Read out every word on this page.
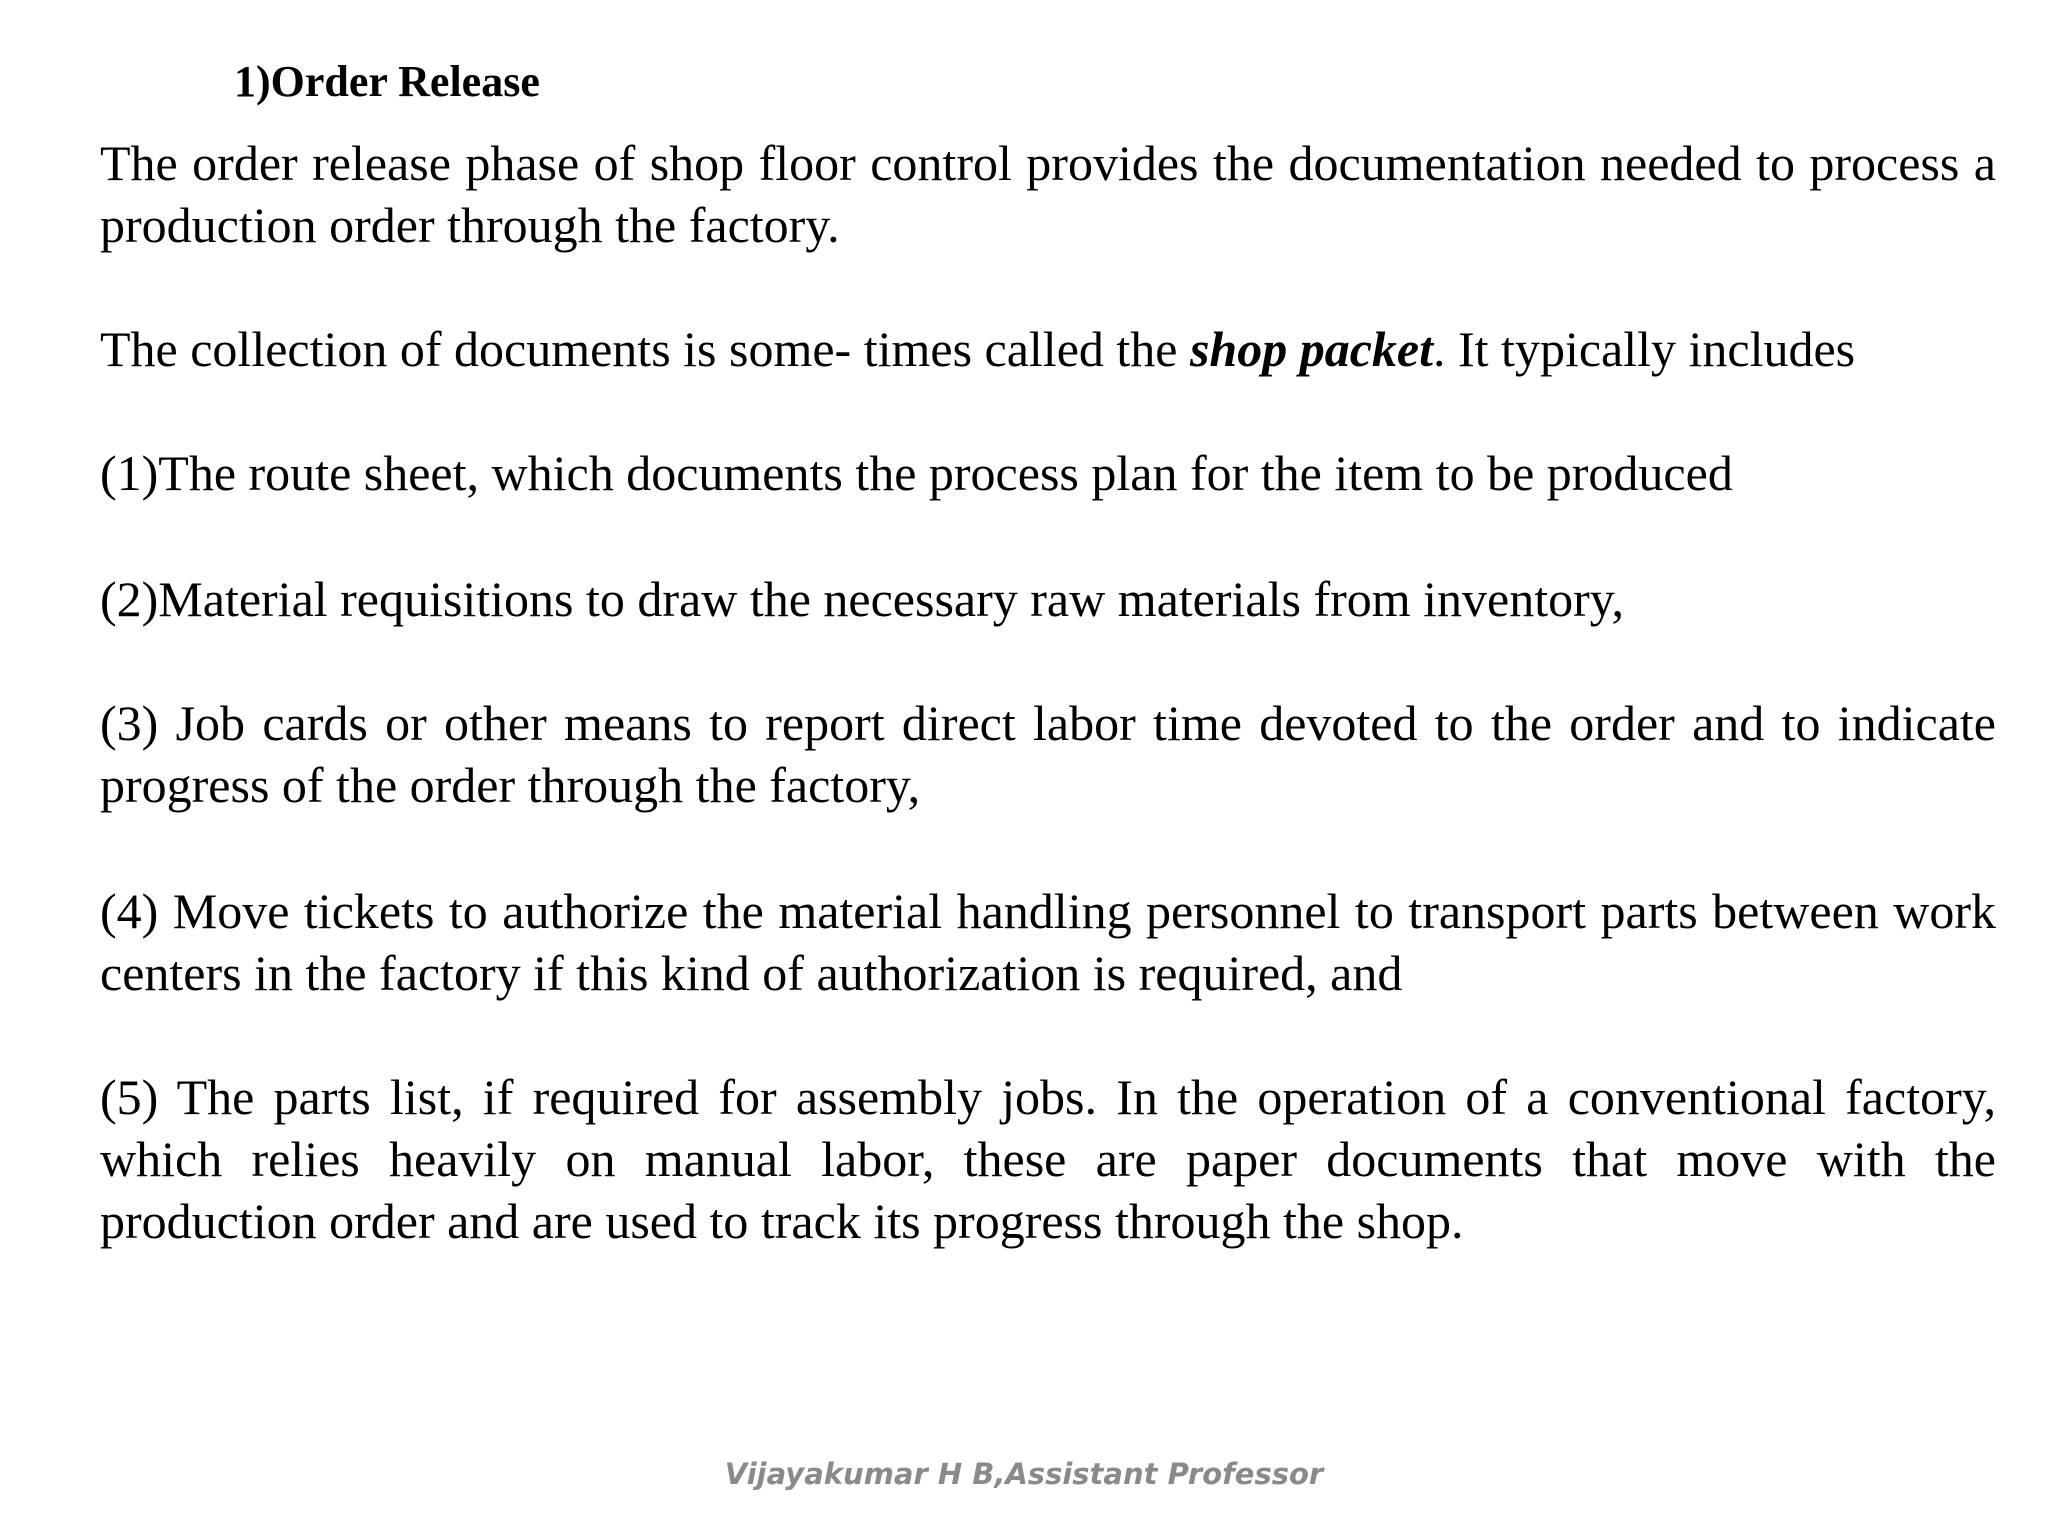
1)Order Release

The order release phase of shop floor control provides the documentation needed to process a production order through the factory.

The collection of documents is some- times called the shop packet. It typically includes

(1)The route sheet, which documents the process plan for the item to be produced

(2)Material requisitions to draw the necessary raw materials from inventory,

(3) Job cards or other means to report direct labor time devoted to the order and to indicate progress of the order through the factory,

(4) Move tickets to authorize the material handling personnel to transport parts between work centers in the factory if this kind of authorization is required, and

(5) The parts list, if required for assembly jobs. In the operation of a conventional factory, which relies heavily on manual labor, these are paper documents that move with the production order and are used to track its progress through the shop.

Vijayakumar H B,Assistant Professor
